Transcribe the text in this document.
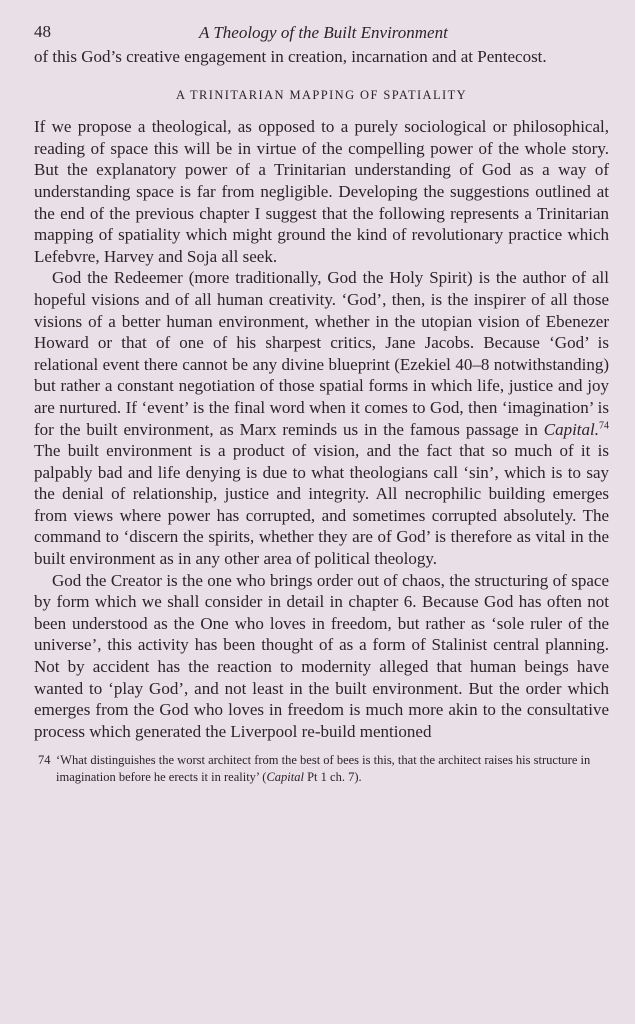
48	A Theology of the Built Environment

of this God’s creative engagement in creation, incarnation and at Pentecost.

A TRINITARIAN MAPPING OF SPATIALITY

If we propose a theological, as opposed to a purely sociological or philosophical, reading of space this will be in virtue of the compelling power of the whole story. But the explanatory power of a Trinitarian understanding of God as a way of understanding space is far from negligible. Developing the suggestions outlined at the end of the previous chapter I suggest that the following represents a Trinitarian mapping of spatiality which might ground the kind of revolutionary practice which Lefebvre, Harvey and Soja all seek.

God the Redeemer (more traditionally, God the Holy Spirit) is the author of all hopeful visions and of all human creativity. ‘God’, then, is the inspirer of all those visions of a better human environment, whether in the utopian vision of Ebenezer Howard or that of one of his sharpest critics, Jane Jacobs. Because ‘God’ is relational event there cannot be any divine blueprint (Ezekiel 40–8 notwithstanding) but rather a constant negotiation of those spatial forms in which life, justice and joy are nurtured. If ‘event’ is the final word when it comes to God, then ‘imagination’ is for the built environment, as Marx reminds us in the famous passage in Capital.$^{74}$ The built environment is a product of vision, and the fact that so much of it is palpably bad and life denying is due to what theologians call ‘sin’, which is to say the denial of relationship, justice and integrity. All necrophilic building emerges from views where power has corrupted, and sometimes corrupted absolutely. The command to ‘discern the spirits, whether they are of God’ is therefore as vital in the built environment as in any other area of political theology.

God the Creator is the one who brings order out of chaos, the structuring of space by form which we shall consider in detail in chapter 6. Because God has often not been understood as the One who loves in freedom, but rather as ‘sole ruler of the universe’, this activity has been thought of as a form of Stalinist central planning. Not by accident has the reaction to modernity alleged that human beings have wanted to ‘play God’, and not least in the built environment. But the order which emerges from the God who loves in freedom is much more akin to the consultative process which generated the Liverpool re-build mentioned

74 ‘What distinguishes the worst architect from the best of bees is this, that the architect raises his structure in imagination before he erects it in reality’ (Capital Pt 1 ch. 7).
